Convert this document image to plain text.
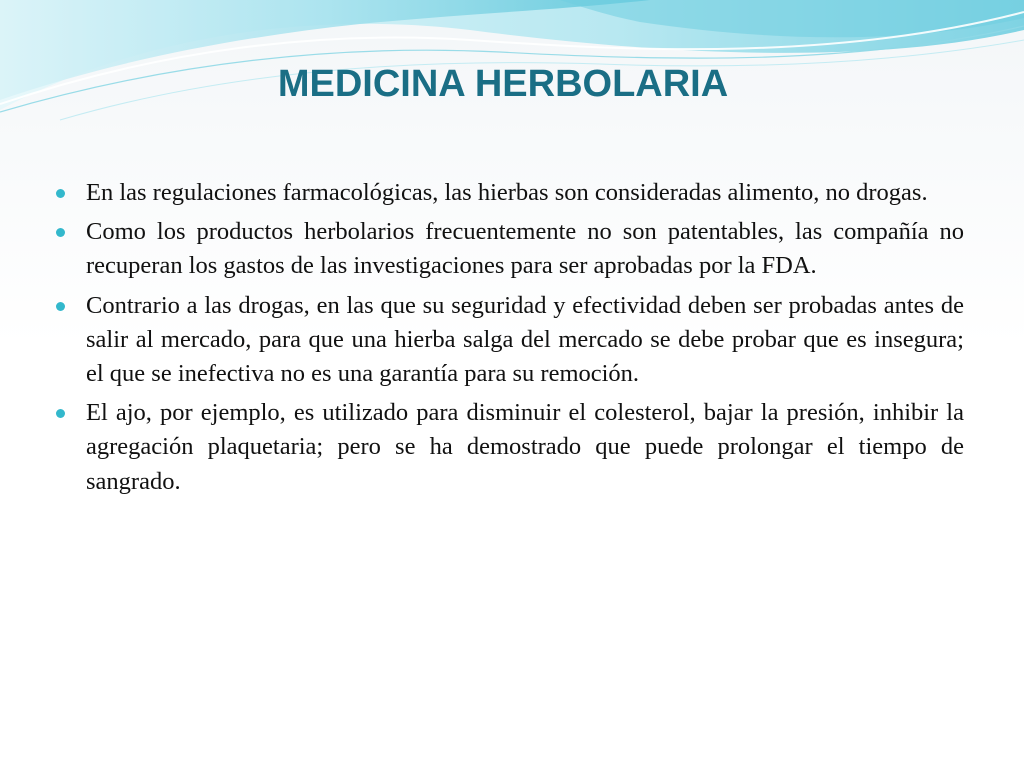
MEDICINA HERBOLARIA
En las regulaciones farmacológicas, las hierbas son consideradas alimento, no drogas.
Como los productos herbolarios frecuentemente no son patentables, las compañía no recuperan los gastos de las investigaciones para ser aprobadas por la FDA.
Contrario a las drogas, en las que su seguridad y efectividad deben ser probadas antes de salir al mercado, para que una hierba salga del mercado se debe probar que es insegura; el que se inefectiva no es una garantía para su remoción.
El ajo, por ejemplo, es utilizado para disminuir el colesterol, bajar la presión, inhibir la agregación plaquetaria; pero se ha demostrado que puede prolongar el tiempo de sangrado.
